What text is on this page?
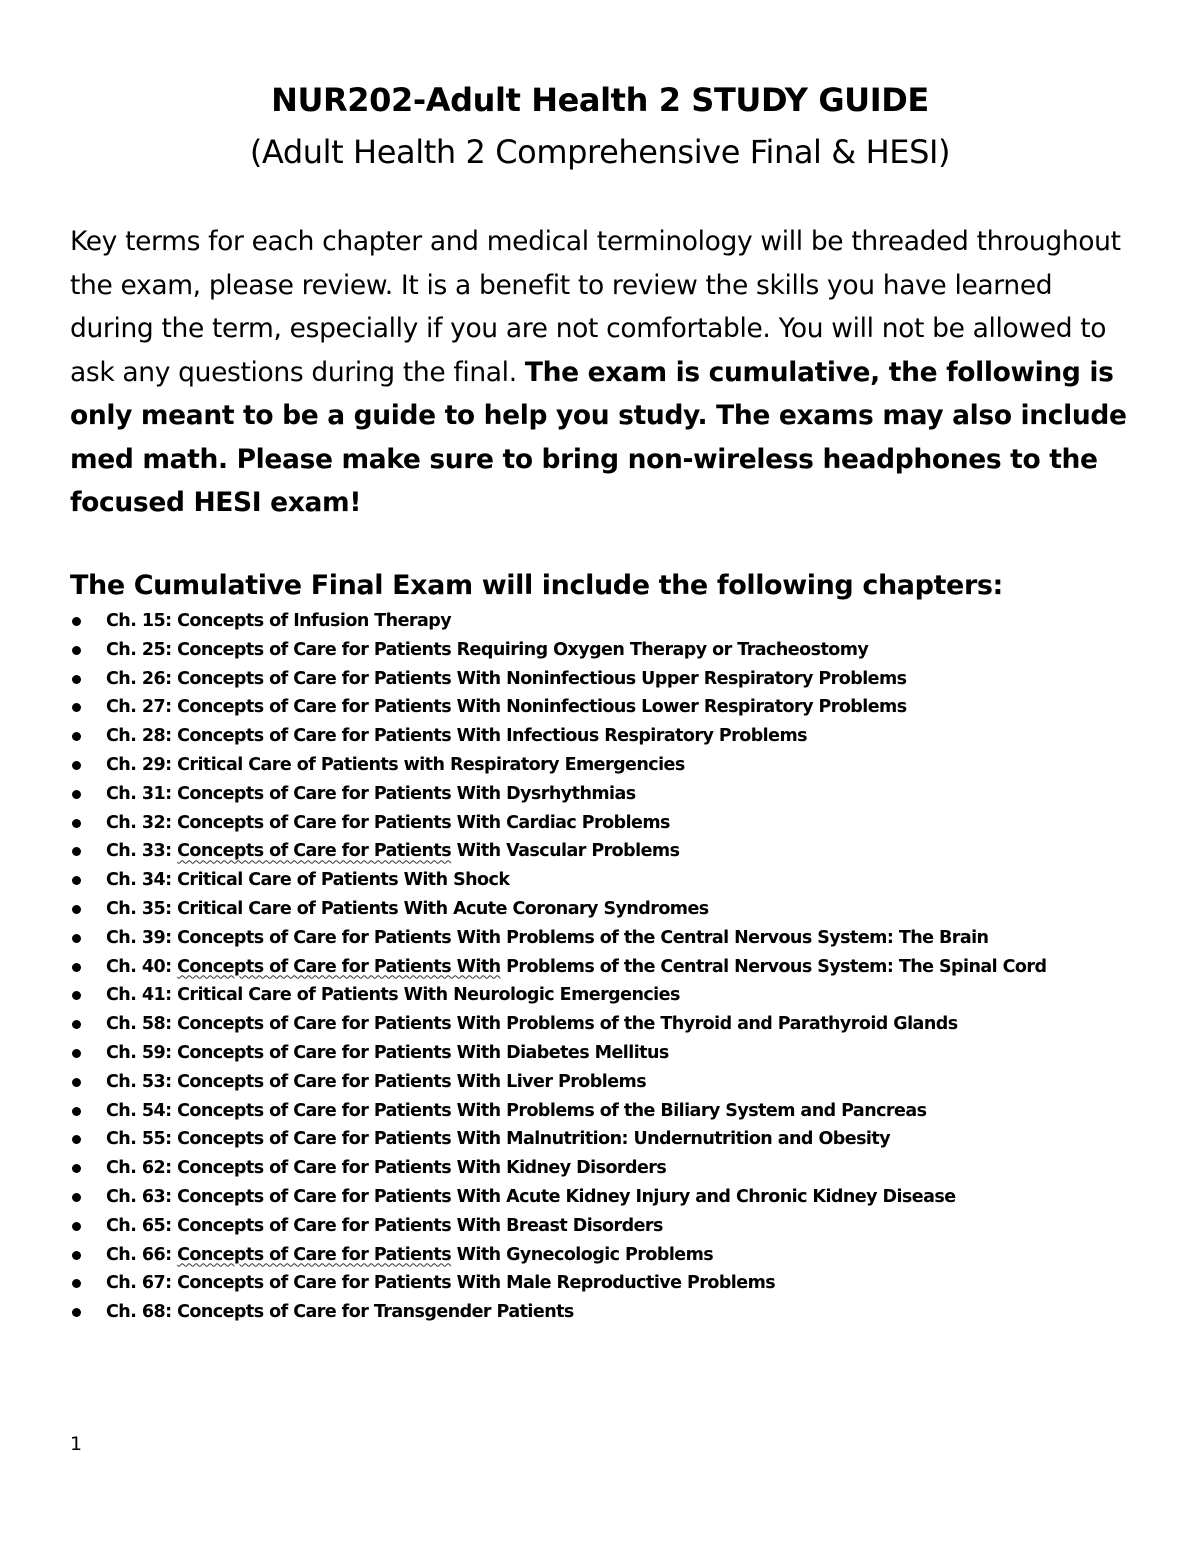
NUR202-Adult Health 2 STUDY GUIDE
(Adult Health 2 Comprehensive Final & HESI)
Key terms for each chapter and medical terminology will be threaded throughout the exam, please review. It is a benefit to review the skills you have learned during the term, especially if you are not comfortable. You will not be allowed to ask any questions during the final. The exam is cumulative, the following is only meant to be a guide to help you study. The exams may also include med math. Please make sure to bring non-wireless headphones to the focused HESI exam!
The Cumulative Final Exam will include the following chapters:
Ch. 15: Concepts of Infusion Therapy
Ch. 25: Concepts of Care for Patients Requiring Oxygen Therapy or Tracheostomy
Ch. 26: Concepts of Care for Patients With Noninfectious Upper Respiratory Problems
Ch. 27: Concepts of Care for Patients With Noninfectious Lower Respiratory Problems
Ch. 28: Concepts of Care for Patients With Infectious Respiratory Problems
Ch. 29: Critical Care of Patients with Respiratory Emergencies
Ch. 31: Concepts of Care for Patients With Dysrhythmias
Ch. 32: Concepts of Care for Patients With Cardiac Problems
Ch. 33: Concepts of Care for Patients With Vascular Problems
Ch. 34: Critical Care of Patients With Shock
Ch. 35: Critical Care of Patients With Acute Coronary Syndromes
Ch. 39: Concepts of Care for Patients With Problems of the Central Nervous System: The Brain
Ch. 40: Concepts of Care for Patients With Problems of the Central Nervous System: The Spinal Cord
Ch. 41: Critical Care of Patients With Neurologic Emergencies
Ch. 58: Concepts of Care for Patients With Problems of the Thyroid and Parathyroid Glands
Ch. 59: Concepts of Care for Patients With Diabetes Mellitus
Ch. 53: Concepts of Care for Patients With Liver Problems
Ch. 54: Concepts of Care for Patients With Problems of the Biliary System and Pancreas
Ch. 55: Concepts of Care for Patients With Malnutrition: Undernutrition and Obesity
Ch. 62: Concepts of Care for Patients With Kidney Disorders
Ch. 63: Concepts of Care for Patients With Acute Kidney Injury and Chronic Kidney Disease
Ch. 65: Concepts of Care for Patients With Breast Disorders
Ch. 66: Concepts of Care for Patients With Gynecologic Problems
Ch. 67: Concepts of Care for Patients With Male Reproductive Problems
Ch. 68: Concepts of Care for Transgender Patients
1
